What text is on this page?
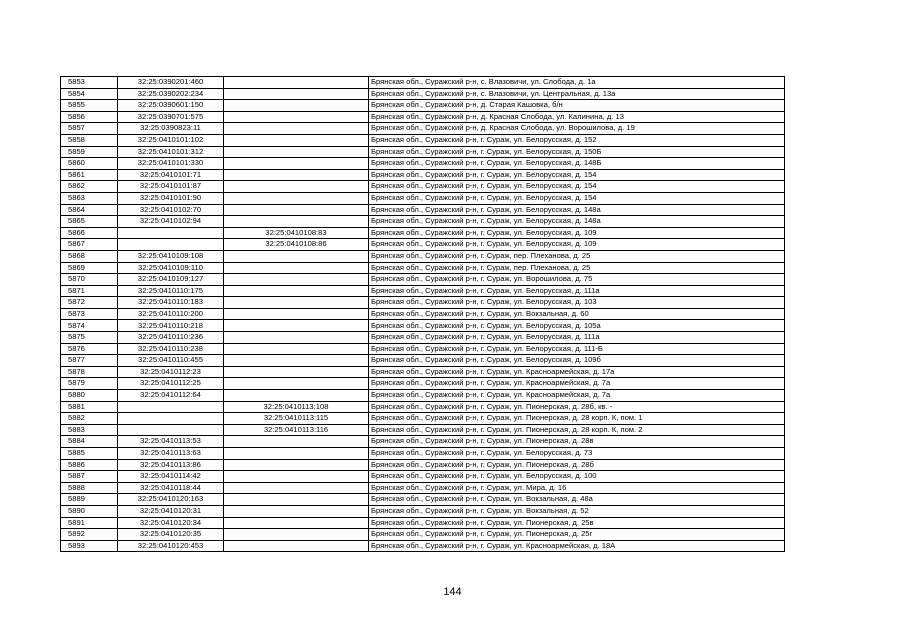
5853	32:25:0390201:460		Брянская обл., Суражский р-н, с. Влазовичи, ул. Слобода, д. 1а
5854	32:25:0390202:234		Брянская обл., Суражский р-н, с. Влазовичи, ул. Центральная, д. 13а
5855	32:25:0390601:150		Брянская обл., Суражский р-н, д. Старая Кашовка, б/н
5856	32:25:0390701:575		Брянская обл., Суражский р-н, д. Красная Слобода, ул. Калинина, д. 13
5857	32:25:0390823:11		Брянская обл., Суражский р-н, д. Красная Слобода, ул. Ворошилова, д. 19
5858	32:25:0410101:102		Брянская обл., Суражский р-н, г. Сураж, ул. Белорусская, д. 152
5859	32:25:0410101:312		Брянская обл., Суражский р-н, г. Сураж, ул. Белорусская, д. 150Б
5860	32:25:0410101:330		Брянская обл., Суражский р-н, г. Сураж, ул. Белорусская, д. 148Б
5861	32:25:0410101:71		Брянская обл., Суражский р-н, г. Сураж, ул. Белорусская, д. 154
5862	32:25:0410101:87		Брянская обл., Суражский р-н, г. Сураж, ул. Белорусская, д. 154
5863	32:25:0410101:90		Брянская обл., Суражский р-н, г. Сураж, ул. Белорусская, д. 154
5864	32:25:0410102:70		Брянская обл., Суражский р-н, г. Сураж, ул. Белорусская, д. 148а
5865	32:25:0410102:94		Брянская обл., Суражский р-н, г. Сураж, ул. Белорусская, д. 148а
5866		32:25:0410108:83	Брянская обл., Суражский р-н, г. Сураж, ул. Белорусская, д. 109
5867		32:25:0410108:86	Брянская обл., Суражский р-н, г. Сураж, ул. Белорусская, д. 109
5868	32:25:0410109:108		Брянская обл., Суражский р-н, г. Сураж, пер. Плеханова, д. 25
5869	32:25:0410109:110		Брянская обл., Суражский р-н, г. Сураж, пер. Плеханова, д. 25
5870	32:25:0410109:127		Брянская обл., Суражский р-н, г. Сураж, ул. Ворошилова, д. 75
5871	32:25:0410110:175		Брянская обл., Суражский р-н, г. Сураж, ул. Белорусская, д. 111а
5872	32:25:0410110:183		Брянская обл., Суражский р-н, г. Сураж, ул. Белорусская, д. 103
5873	32:25:0410110:200		Брянская обл., Суражский р-н, г. Сураж, ул. Вокзальная, д. 60
5874	32:25:0410110:218		Брянская обл., Суражский р-н, г. Сураж, ул. Белорусская, д. 105а
5875	32:25:0410110:236		Брянская обл., Суражский р-н, г. Сураж, ул. Белорусская, д. 111а
5876	32:25:0410110:238		Брянская обл., Суражский р-н, г. Сураж, ул. Белорусская, д. 111-Б
5877	32:25:0410110:455		Брянская обл., Суражский р-н, г. Сураж, ул. Белорусская, д. 109б
5878	32:25:0410112:23		Брянская обл., Суражский р-н, г. Сураж, ул. Красноармейская, д. 17а
5879	32:25:0410112:25		Брянская обл., Суражский р-н, г. Сураж, ул. Красноармейская, д. 7а
5880	32:25:0410112:64		Брянская обл., Суражский р-н, г. Сураж, ул. Красноармейская, д. 7а
5881		32:25:0410113:108	Брянская обл., Суражский р-н, г. Сураж, ул. Пионерская, д. 28б, кв. -
5882		32:25:0410113:115	Брянская обл., Суражский р-н, г. Сураж, ул. Пионерская, д. 28 корп. К, пом. 1
5883		32:25:0410113:116	Брянская обл., Суражский р-н, г. Сураж, ул. Пионерская, д. 28 корп. К, пом. 2
5884	32:25:0410113:53		Брянская обл., Суражский р-н, г. Сураж, ул. Пионерская, д. 28в
5885	32:25:0410113:63		Брянская обл., Суражский р-н, г. Сураж, ул. Белорусская, д. 73
5886	32:25:0410113:86		Брянская обл., Суражский р-н, г. Сураж, ул. Пионерская, д. 28б
5887	32:25:0410114:42		Брянская обл., Суражский р-н, г. Сураж, ул. Белорусская, д. 100
5888	32:25:0410118:44		Брянская обл., Суражский р-н, г. Сураж, ул. Мира, д. 16
5889	32:25:0410120:163		Брянская обл., Суражский р-н, г. Сураж, ул. Вокзальная, д. 48а
5890	32:25:0410120:31		Брянская обл., Суражский р-н, г. Сураж, ул. Вокзальная, д. 52
5891	32:25:0410120:34		Брянская обл., Суражский р-н, г. Сураж, ул. Пионерская, д. 25в
5892	32:25:0410120:35		Брянская обл., Суражский р-н, г. Сураж, ул. Пионерская, д. 25г
5893	32:25:0410120:453		Брянская обл., Суражский р-н, г. Сураж, ул. Красноармейская, д. 18А
144
